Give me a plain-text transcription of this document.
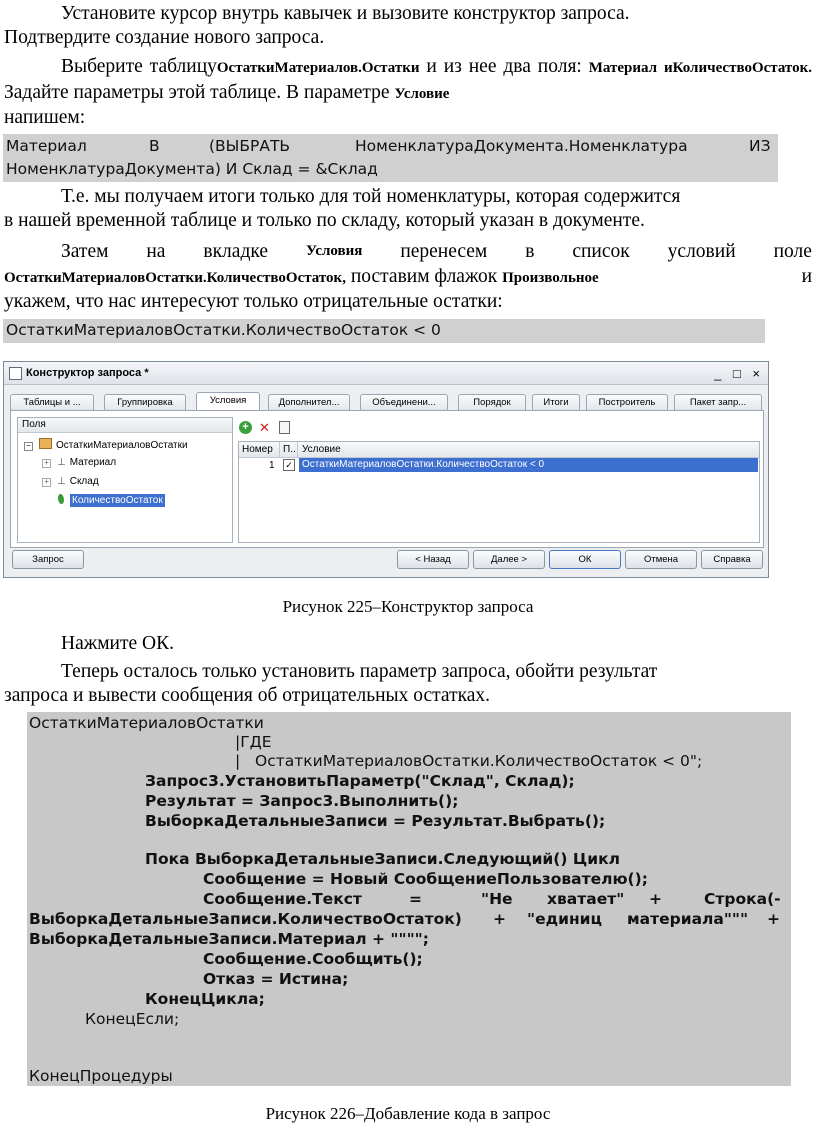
Установите курсор внутрь кавычек и вызовите конструктор запроса.
Подтвердите создание нового запроса.
Выберите таблицуОстаткиМатериалов.Остатки и из нее два поля: Материал иКоличествоОстаток. Задайте параметры этой таблице. В параметре Условие
напишем:
Материал	В	(ВЫБРАТЬ	НоменклатураДокумента.Номенклатура	ИЗ
НоменклатураДокумента) И Склад = &Склад
Т.е. мы получаем итоги только для той номенклатуры, которая содержится
в нашей временной таблице и только по складу, который указан в документе.
Затем на вкладке	Условия перенесем в список условий поле
ОстаткиМатериаловОстатки.КоличествоОстаток, поставим флажок Произвольное	и
укажем, что нас интересуют только отрицательные остатки:
ОстаткиМатериаловОстатки.КоличествоОстаток < 0
Конструктор запроса *	_ □ ×
Таблицы и ...	Группировка	Условия	Дополнител...	Объединени...	Порядок	Итоги	Построитель	Пакет запр...
Поля
−	ОстаткиМатериаловОстатки
+ ⊥ Материал
+ ⊥ Склад
КоличествоОстаток
+ ✕
Номер П.. Условие
1 ✓ ОстаткиМатериаловОстатки.КоличествоОстаток < 0
Запрос	< Назад	Далее >	ОК	Отмена	Справка
Рисунок 225–Конструктор запроса
Нажмите ОК.
Теперь осталось только установить параметр запроса, обойти результат
запроса и вывести сообщения об отрицательных остатках.
ОстаткиМатериаловОстатки
|ГДЕ
|   ОстаткиМатериаловОстатки.КоличествоОстаток < 0";
Запрос3.УстановитьПараметр("Склад", Склад);
Результат = Запрос3.Выполнить();
ВыборкаДетальныеЗаписи = Результат.Выбрать();
Пока ВыборкаДетальныеЗаписи.Следующий() Цикл
Сообщение = Новый СообщениеПользователю();
Сообщение.Текст	=	"Не хватает" +	Строка(-
ВыборкаДетальныеЗаписи.КоличествоОстаток) + "единиц материала""" +
ВыборкаДетальныеЗаписи.Материал + """";
Сообщение.Сообщить();
Отказ = Истина;
КонецЦикла;
КонецЕсли;
КонецПроцедуры
Рисунок 226–Добавление кода в запрос
